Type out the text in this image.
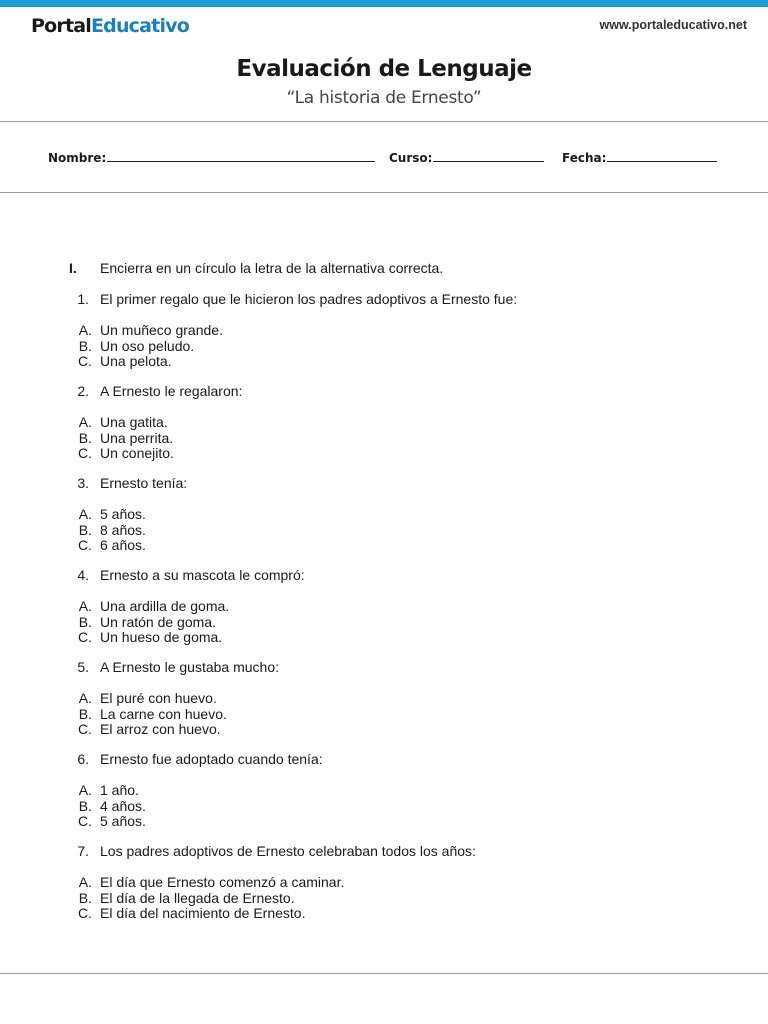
PortalEducativo	www.portaleducativo.net
Evaluación de Lenguaje
“La historia de Ernesto”
Nombre:	Curso:	Fecha:
I. Encierra en un círculo la letra de la alternativa correcta.
1. El primer regalo que le hicieron los padres adoptivos a Ernesto fue:
A. Un muñeco grande.
B. Un oso peludo.
C. Una pelota.
2. A Ernesto le regalaron:
A. Una gatita.
B. Una perrita.
C. Un conejito.
3. Ernesto tenía:
A. 5 años.
B. 8 años.
C. 6 años.
4. Ernesto a su mascota le compró:
A. Una ardilla de goma.
B. Un ratón de goma.
C. Un hueso de goma.
5. A Ernesto le gustaba mucho:
A. El puré con huevo.
B. La carne con huevo.
C. El arroz con huevo.
6. Ernesto fue adoptado cuando tenía:
A. 1 año.
B. 4 años.
C. 5 años.
7. Los padres adoptivos de Ernesto celebraban todos los años:
A. El día que Ernesto comenzó a caminar.
B. El día de la llegada de Ernesto.
C. El día del nacimiento de Ernesto.
